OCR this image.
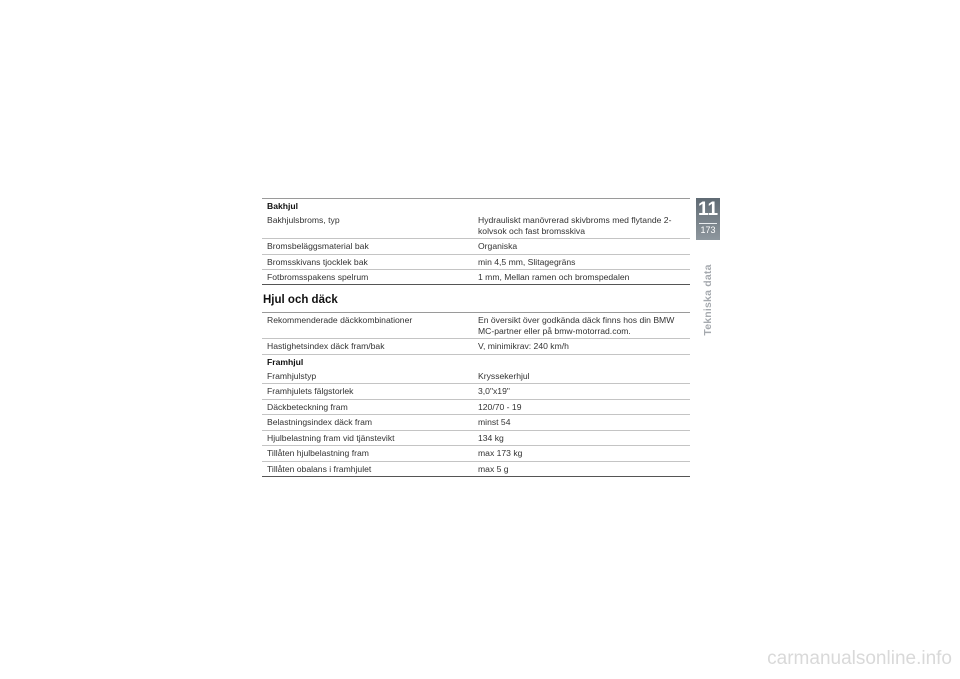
Bakhjul	
Bakhjulsbroms, typ	Hydrauliskt manövrerad skivbroms med flytande 2-kolvsok och fast bromsskiva
Bromsbeläggsmaterial bak	Organiska
Bromsskivans tjocklek bak	min 4,5 mm, Slitagegräns
Fotbromsspakens spelrum	1 mm, Mellan ramen och bromspedalen
Hjul och däck
Rekommenderade däckkombinationer	En översikt över godkända däck finns hos din BMW MC-partner eller på bmw-motorrad.com.
Hastighetsindex däck fram/bak	V, minimikrav: 240 km/h
Framhjul	
Framhjulstyp	Kryssekerhjul
Framhjulets fälgstorlek	3,0"x19"
Däckbeteckning fram	120/70 - 19
Belastningsindex däck fram	minst 54
Hjulbelastning fram vid tjänstevikt	134 kg
Tillåten hjulbelastning fram	max 173 kg
Tillåten obalans i framhjulet	max 5 g
11
173
Tekniska data
carmanualsonline.info
